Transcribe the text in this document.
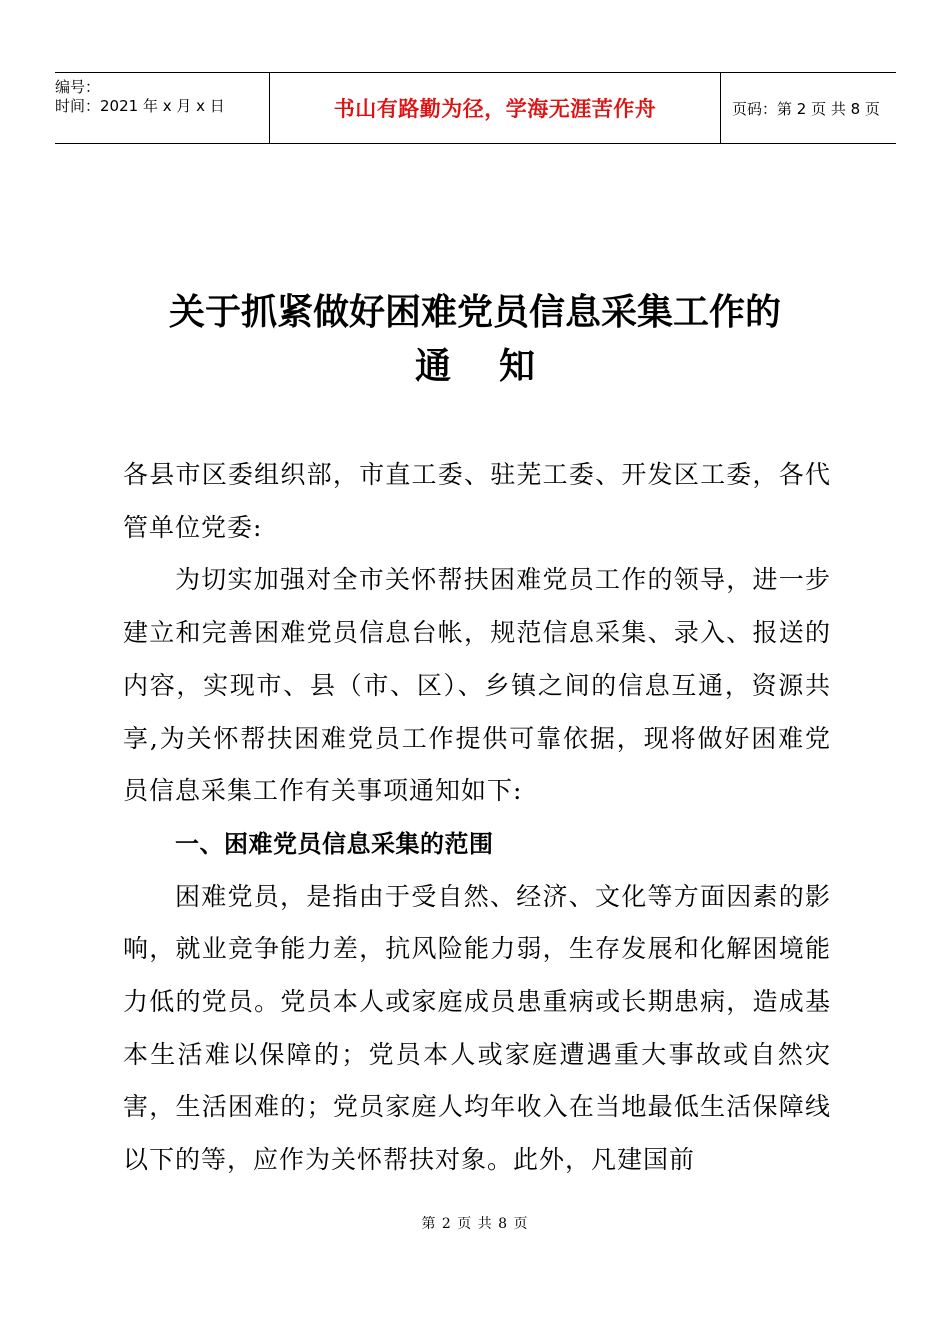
编号：
时间：2021 年 x 月 x 日	书山有路勤为径，学海无涯苦作舟	页码：第 2 页 共 8 页
关于抓紧做好困难党员信息采集工作的
通知

各县市区委组织部，市直工委、驻芜工委、开发区工委，各代管单位党委:

为切实加强对全市关怀帮扶困难党员工作的领导，进一步建立和完善困难党员信息台帐，规范信息采集、录入、报送的内容，实现市、县（市、区）、乡镇之间的信息互通，资源共享,为关怀帮扶困难党员工作提供可靠依据，现将做好困难党员信息采集工作有关事项通知如下:

一、困难党员信息采集的范围

困难党员，是指由于受自然、经济、文化等方面因素的影响，就业竞争能力差，抗风险能力弱，生存发展和化解困境能力低的党员。党员本人或家庭成员患重病或长期患病，造成基本生活难以保障的；党员本人或家庭遭遇重大事故或自然灾害，生活困难的；党员家庭人均年收入在当地最低生活保障线以下的等，应作为关怀帮扶对象。此外，凡建国前

第 2 页 共 8 页
